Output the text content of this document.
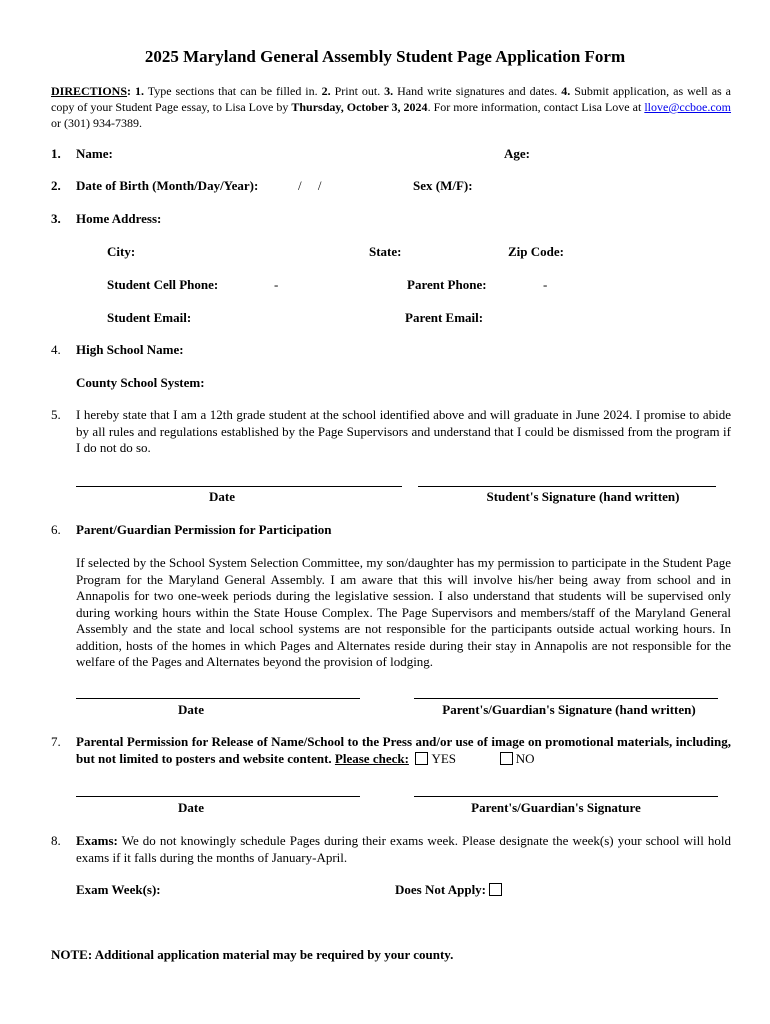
2025 Maryland General Assembly Student Page Application Form
DIRECTIONS: 1. Type sections that can be filled in. 2. Print out. 3. Hand write signatures and dates. 4. Submit application, as well as a copy of your Student Page essay, to Lisa Love by Thursday, October 3, 2024. For more information, contact Lisa Love at llove@ccboe.com or (301) 934-7389.
1. Name:	Age:
2. Date of Birth (Month/Day/Year):	/     /	Sex (M/F):
3. Home Address:
City:	State:	Zip Code:
Student Cell Phone:	-	Parent Phone:	-
Student Email:	Parent Email:
4. High School Name:
County School System:
5. I hereby state that I am a 12th grade student at the school identified above and will graduate in June 2024. I promise to abide by all rules and regulations established by the Page Supervisors and understand that I could be dismissed from the program if I do not do so.
Date	Student's Signature (hand written)
6. Parent/Guardian Permission for Participation
If selected by the School System Selection Committee, my son/daughter has my permission to participate in the Student Page Program for the Maryland General Assembly. I am aware that this will involve his/her being away from school and in Annapolis for two one-week periods during the legislative session. I also understand that students will be supervised only during working hours within the State House Complex. The Page Supervisors and members/staff of the Maryland General Assembly and the state and local school systems are not responsible for the participants outside actual working hours. In addition, hosts of the homes in which Pages and Alternates reside during their stay in Annapolis are not responsible for the welfare of the Pages and Alternates beyond the provision of lodging.
Date	Parent's/Guardian's Signature (hand written)
7. Parental Permission for Release of Name/School to the Press and/or use of image on promotional materials, including, but not limited to posters and website content. Please check: YES	NO
Date	Parent's/Guardian's Signature
8. Exams: We do not knowingly schedule Pages during their exams week. Please designate the week(s) your school will hold exams if it falls during the months of January-April.
Exam Week(s):	Does Not Apply:
NOTE: Additional application material may be required by your county.
